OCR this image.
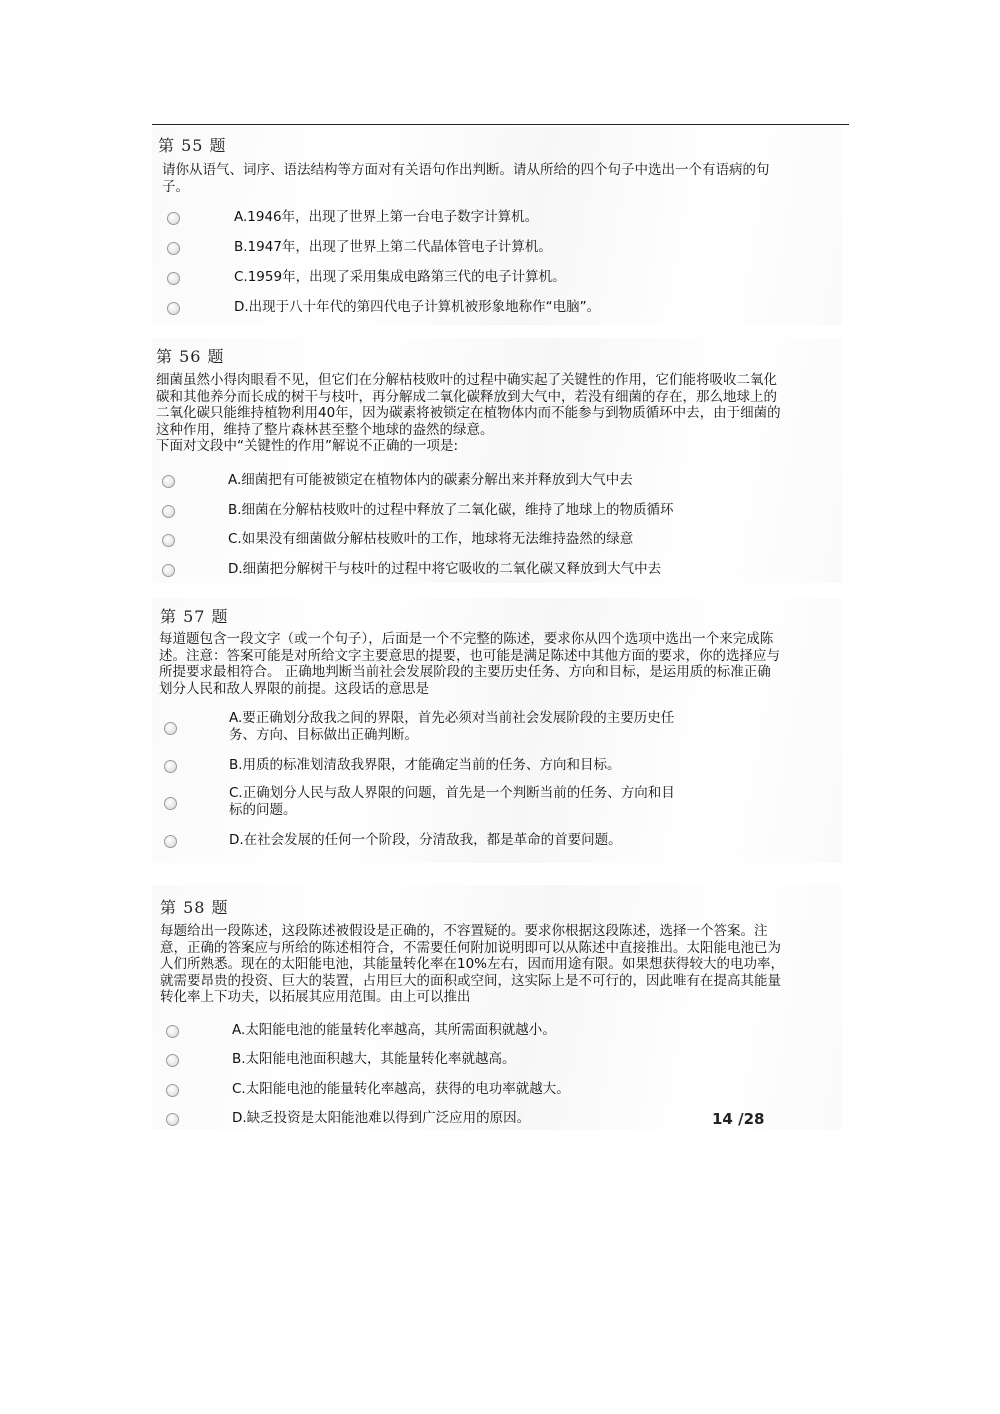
第 55 题
请你从语气、词序、语法结构等方面对有关语句作出判断。请从所给的四个句子中选出一个有语病的句
子。
A.1946年，出现了世界上第一台电子数字计算机。
B.1947年，出现了世界上第二代晶体管电子计算机。
C.1959年，出现了采用集成电路第三代的电子计算机。
D.出现于八十年代的第四代电子计算机被形象地称作“电脑”。
第 56 题
细菌虽然小得肉眼看不见，但它们在分解枯枝败叶的过程中确实起了关键性的作用，它们能将吸收二氧化
碳和其他养分而长成的树干与枝叶，再分解成二氧化碳释放到大气中，若没有细菌的存在，那么地球上的
二氧化碳只能维持植物利用40年，因为碳素将被锁定在植物体内而不能参与到物质循环中去，由于细菌的
这种作用，维持了整片森林甚至整个地球的盎然的绿意。
下面对文段中“关键性的作用”解说不正确的一项是:
A.细菌把有可能被锁定在植物体内的碳素分解出来并释放到大气中去
B.细菌在分解枯枝败叶的过程中释放了二氧化碳，维持了地球上的物质循环
C.如果没有细菌做分解枯枝败叶的工作，地球将无法维持盎然的绿意
D.细菌把分解树干与枝叶的过程中将它吸收的二氧化碳又释放到大气中去
第 57 题
每道题包含一段文字（或一个句子），后面是一个不完整的陈述，要求你从四个选项中选出一个来完成陈
述。注意：答案可能是对所给文字主要意思的提要，也可能是满足陈述中其他方面的要求，你的选择应与
所提要求最相符合。 正确地判断当前社会发展阶段的主要历史任务、方向和目标，是运用质的标准正确
划分人民和敌人界限的前提。这段话的意思是
A.要正确划分敌我之间的界限，首先必须对当前社会发展阶段的主要历史任
务、方向、目标做出正确判断。
B.用质的标准划清敌我界限，才能确定当前的任务、方向和目标。
C.正确划分人民与敌人界限的问题，首先是一个判断当前的任务、方向和目
标的问题。
D.在社会发展的任何一个阶段，分清敌我，都是革命的首要问题。
第 58 题
每题给出一段陈述，这段陈述被假设是正确的，不容置疑的。要求你根据这段陈述，选择一个答案。注
意，正确的答案应与所给的陈述相符合，不需要任何附加说明即可以从陈述中直接推出。太阳能电池已为
人们所熟悉。现在的太阳能电池，其能量转化率在10%左右，因而用途有限。如果想获得较大的电功率，
就需要昂贵的投资、巨大的装置，占用巨大的面积或空间，这实际上是不可行的，因此唯有在提高其能量
转化率上下功夫，以拓展其应用范围。由上可以推出
A.太阳能电池的能量转化率越高，其所需面积就越小。
B.太阳能电池面积越大，其能量转化率就越高。
C.太阳能电池的能量转化率越高，获得的电功率就越大。
D.缺乏投资是太阳能池难以得到广泛应用的原因。	14 /28
